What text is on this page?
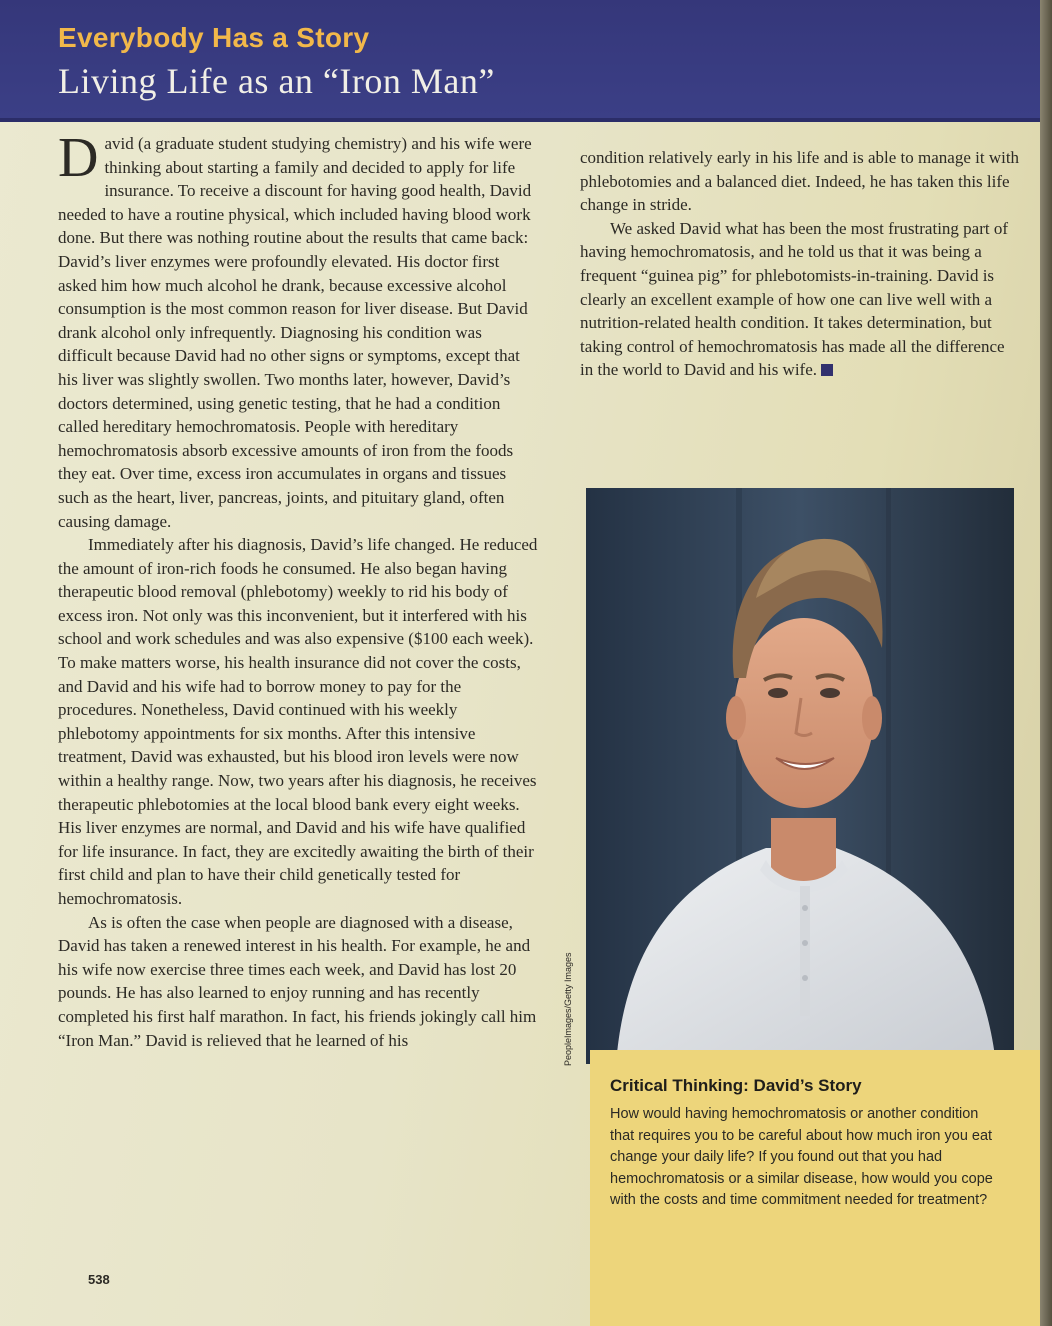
Everybody Has a Story
Living Life as an “Iron Man”

David (a graduate student studying chemistry) and his wife were thinking about starting a family and decided to apply for life insurance. To receive a discount for having good health, David needed to have a routine physical, which included having blood work done. But there was nothing routine about the results that came back: David’s liver enzymes were profoundly elevated. His doctor first asked him how much alcohol he drank, because excessive alcohol consumption is the most common reason for liver disease. But David drank alcohol only infrequently. Diagnosing his condition was difficult because David had no other signs or symptoms, except that his liver was slightly swollen. Two months later, however, David’s doctors determined, using genetic testing, that he had a condition called hereditary hemochromatosis. People with hereditary hemochromatosis absorb excessive amounts of iron from the foods they eat. Over time, excess iron accumulates in organs and tissues such as the heart, liver, pancreas, joints, and pituitary gland, often causing damage.

Immediately after his diagnosis, David’s life changed. He reduced the amount of iron-rich foods he consumed. He also began having therapeutic blood removal (phlebotomy) weekly to rid his body of excess iron. Not only was this inconvenient, but it interfered with his school and work schedules and was also expensive ($100 each week). To make matters worse, his health insurance did not cover the costs, and David and his wife had to borrow money to pay for the procedures. Nonetheless, David continued with his weekly phlebotomy appointments for six months. After this intensive treatment, David was exhausted, but his blood iron levels were now within a healthy range. Now, two years after his diagnosis, he receives therapeutic phlebotomies at the local blood bank every eight weeks. His liver enzymes are normal, and David and his wife have qualified for life insurance. In fact, they are excitedly awaiting the birth of their first child and plan to have their child genetically tested for hemochromatosis.

As is often the case when people are diagnosed with a disease, David has taken a renewed interest in his health. For example, he and his wife now exercise three times each week, and David has lost 20 pounds. He has also learned to enjoy running and has recently completed his first half marathon. In fact, his friends jokingly call him “Iron Man.” David is relieved that he learned of his

condition relatively early in his life and is able to manage it with phlebotomies and a balanced diet. Indeed, he has taken this life change in stride.

We asked David what has been the most frustrating part of having hemochromatosis, and he told us that it was being a frequent “guinea pig” for phlebotomists-in-training. David is clearly an excellent example of how one can live well with a nutrition-related health condition. It takes determination, but taking control of hemochromatosis has made all the difference in the world to David and his wife.

PeopleImages/Getty Images
Critical Thinking: David’s Story
How would having hemochromatosis or another condition that requires you to be careful about how much iron you eat change your daily life? If you found out that you had hemochromatosis or a similar disease, how would you cope with the costs and time commitment needed for treatment?
538
